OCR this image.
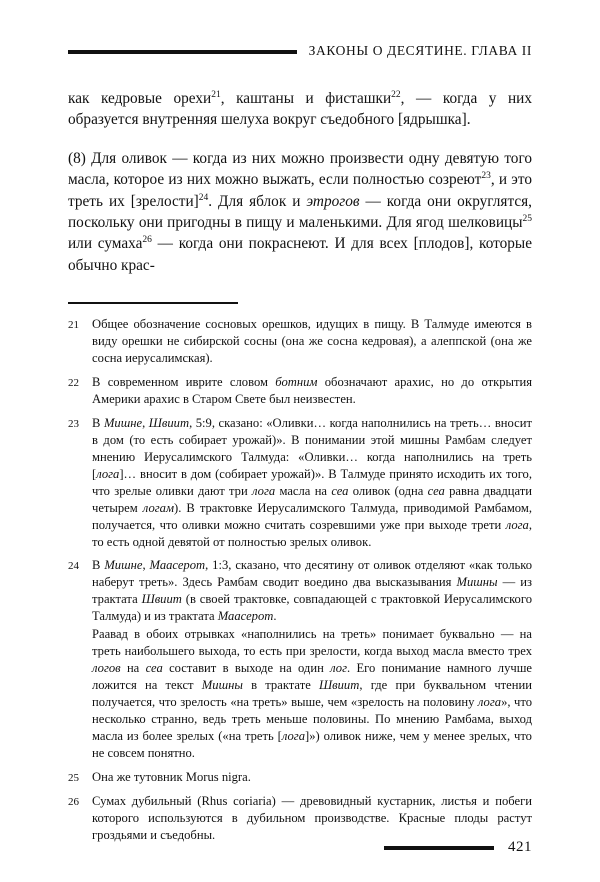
ЗАКОНЫ О ДЕСЯТИНЕ. ГЛАВА II

как кедровые орехи$^{21}$, каштаны и фисташки$^{22}$, — когда у них образуется внутренняя шелуха вокруг съедобного [ядрышка].

(8) Для оливок — когда из них можно произвести одну девятую того масла, которое из них можно выжать, если полностью созреют$^{23}$, и это треть их [зрелости]$^{24}$. Для яблок и этрогов — когда они округлятся, поскольку они пригодны в пищу и маленькими. Для ягод шелковицы$^{25}$ или сумаха$^{26}$ — когда они покраснеют. И для всех [плодов], которые обычно крас-

21	Общее обозначение сосновых орешков, идущих в пищу. В Талмуде имеются в виду орешки не сибирской сосны (она же сосна кедровая), а алеппской (она же сосна иерусалимская).

22	В современном иврите словом ботним обозначают арахис, но до открытия Америки арахис в Старом Свете был неизвестен.

23	В Мишне, Швиит, 5:9, сказано: «Оливки… когда наполнились на треть… вносит в дом (то есть собирает урожай)». В понимании этой мишны Рамбам следует мнению Иерусалимского Талмуда: «Оливки… когда наполнились на треть [лога]… вносит в дом (собирает урожай)». В Талмуде принято исходить их того, что зрелые оливки дают три лога масла на сеа оливок (одна сеа равна двадцати четырем логам). В трактовке Иерусалимского Талмуда, приводимой Рамбамом, получается, что оливки можно считать созревшими уже при выходе трети лога, то есть одной девятой от полностью зрелых оливок.

24	В Мишне, Маасерот, 1:3, сказано, что десятину от оливок отделяют «как только наберут треть». Здесь Рамбам сводит воедино два высказывания Мишны — из трактата Швиит (в своей трактовке, совпадающей с трактовкой Иерусалимского Талмуда) и из трактата Маасерот.

Раавад в обоих отрывках «наполнились на треть» понимает буквально — на треть наибольшего выхода, то есть при зрелости, когда выход масла вместо трех логов на сеа составит в выходе на один лог. Его понимание намного лучше ложится на текст Мишны в трактате Швиит, где при буквальном чтении получается, что зрелость «на треть» выше, чем «зрелость на половину лога», что несколько странно, ведь треть меньше половины. По мнению Рамбама, выход масла из более зрелых («на треть [лога]») оливок ниже, чем у менее зрелых, что не совсем понятно.

25	Она же тутовник Morus nigra.

26	Сумах дубильный (Rhus coriaria) — древовидный кустарник, листья и побеги которого используются в дубильном производстве. Красные плоды растут гроздьями и съедобны.

421
